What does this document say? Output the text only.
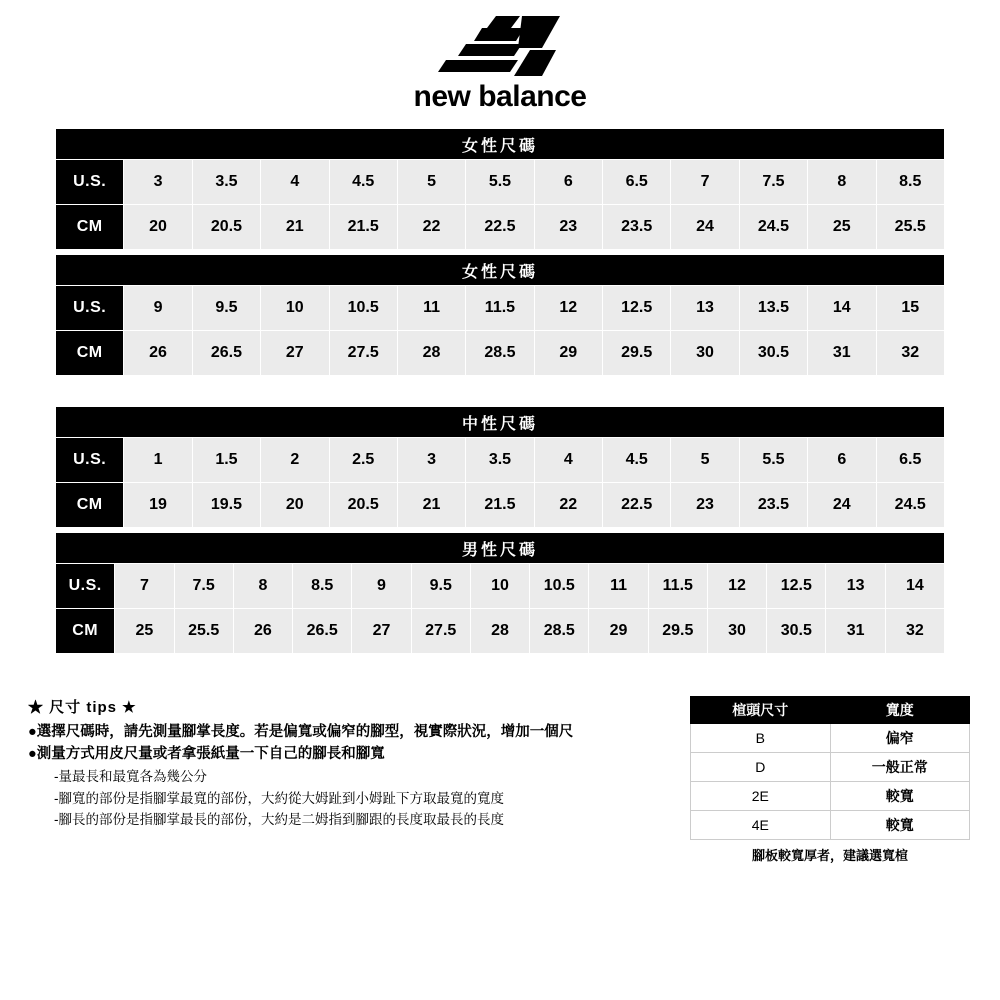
new balance
女性尺碼												
U.S.	3	3.5	4	4.5	5	5.5	6	6.5	7	7.5	8	8.5
CM	20	20.5	21	21.5	22	22.5	23	23.5	24	24.5	25	25.5
女性尺碼												
U.S.	9	9.5	10	10.5	11	11.5	12	12.5	13	13.5	14	15
CM	26	26.5	27	27.5	28	28.5	29	29.5	30	30.5	31	32
中性尺碼												
U.S.	1	1.5	2	2.5	3	3.5	4	4.5	5	5.5	6	6.5
CM	19	19.5	20	20.5	21	21.5	22	22.5	23	23.5	24	24.5
男性尺碼														
U.S.	7	7.5	8	8.5	9	9.5	10	10.5	11	11.5	12	12.5	13	14
CM	25	25.5	26	26.5	27	27.5	28	28.5	29	29.5	30	30.5	31	32
★ 尺寸 tips ★
●選擇尺碼時，請先測量腳掌長度。若是偏寬或偏窄的腳型，視實際狀況，增加一個尺
●測量方式用皮尺量或者拿張紙量一下自己的腳長和腳寬
-量最長和最寬各為幾公分
-腳寬的部份是指腳掌最寬的部份，大約從大姆趾到小姆趾下方取最寬的寬度
-腳長的部份是指腳掌最長的部份，大約是二姆指到腳跟的長度取最長的長度
楦頭尺寸	寬度
B	偏窄
D	一般正常
2E	較寬
4E	較寬
腳板較寬厚者，建議選寬楦
